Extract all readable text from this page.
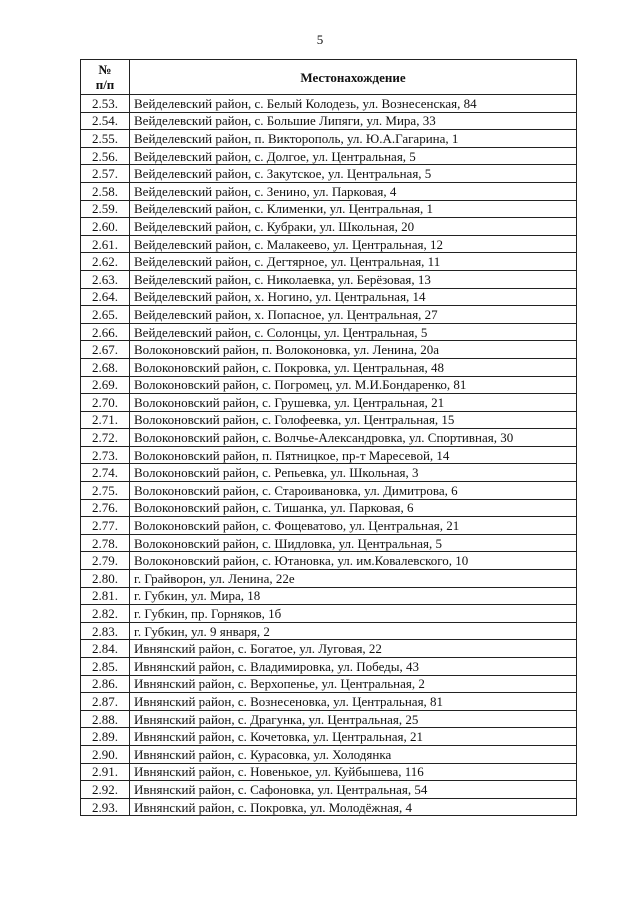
5
№
п/п	Местонахождение
2.53.	Вейделевский район, с. Белый Колодезь, ул. Вознесенская, 84
2.54.	Вейделевский район, с. Большие Липяги, ул. Мира, 33
2.55.	Вейделевский район, п. Викторополь, ул. Ю.А.Гагарина, 1
2.56.	Вейделевский район, с. Долгое, ул. Центральная, 5
2.57.	Вейделевский район, с. Закутское, ул. Центральная, 5
2.58.	Вейделевский район, с. Зенино, ул. Парковая, 4
2.59.	Вейделевский район, с. Клименки, ул. Центральная, 1
2.60.	Вейделевский район, с. Кубраки, ул. Школьная, 20
2.61.	Вейделевский район, с. Малакеево, ул. Центральная, 12
2.62.	Вейделевский район, с. Дегтярное, ул. Центральная, 11
2.63.	Вейделевский район, с. Николаевка, ул. Берёзовая, 13
2.64.	Вейделевский район, х. Ногино, ул. Центральная, 14
2.65.	Вейделевский район, х. Попасное, ул. Центральная, 27
2.66.	Вейделевский район, с. Солонцы, ул. Центральная, 5
2.67.	Волоконовский район, п. Волоконовка, ул. Ленина, 20а
2.68.	Волоконовский район, с. Покровка, ул. Центральная, 48
2.69.	Волоконовский район, с. Погромец, ул. М.И.Бондаренко, 81
2.70.	Волоконовский район, с. Грушевка, ул. Центральная, 21
2.71.	Волоконовский район, с. Голофеевка, ул. Центральная, 15
2.72.	Волоконовский район, с. Волчье-Александровка, ул. Спортивная, 30
2.73.	Волоконовский район, п. Пятницкое, пр-т Маресевой, 14
2.74.	Волоконовский район, с. Репьевка, ул. Школьная, 3
2.75.	Волоконовский район, с. Староивановка, ул. Димитрова, 6
2.76.	Волоконовский район, с. Тишанка, ул. Парковая, 6
2.77.	Волоконовский район, с. Фощеватово, ул. Центральная, 21
2.78.	Волоконовский район, с. Шидловка, ул. Центральная, 5
2.79.	Волоконовский район, с. Ютановка, ул. им.Ковалевского, 10
2.80.	г. Грайворон, ул. Ленина, 22е
2.81.	г. Губкин, ул. Мира, 18
2.82.	г. Губкин, пр. Горняков, 1б
2.83.	г. Губкин, ул. 9 января, 2
2.84.	Ивнянский район, с. Богатое, ул. Луговая, 22
2.85.	Ивнянский район, с. Владимировка, ул. Победы, 43
2.86.	Ивнянский район, с. Верхопенье, ул. Центральная, 2
2.87.	Ивнянский район, с. Вознесеновка, ул. Центральная, 81
2.88.	Ивнянский район, с. Драгунка, ул. Центральная, 25
2.89.	Ивнянский район, с. Кочетовка, ул. Центральная, 21
2.90.	Ивнянский район, с. Курасовка, ул. Холодянка
2.91.	Ивнянский район, с. Новенькое, ул. Куйбышева, 116
2.92.	Ивнянский район, с. Сафоновка, ул. Центральная, 54
2.93.	Ивнянский район, с. Покровка, ул. Молодёжная, 4
